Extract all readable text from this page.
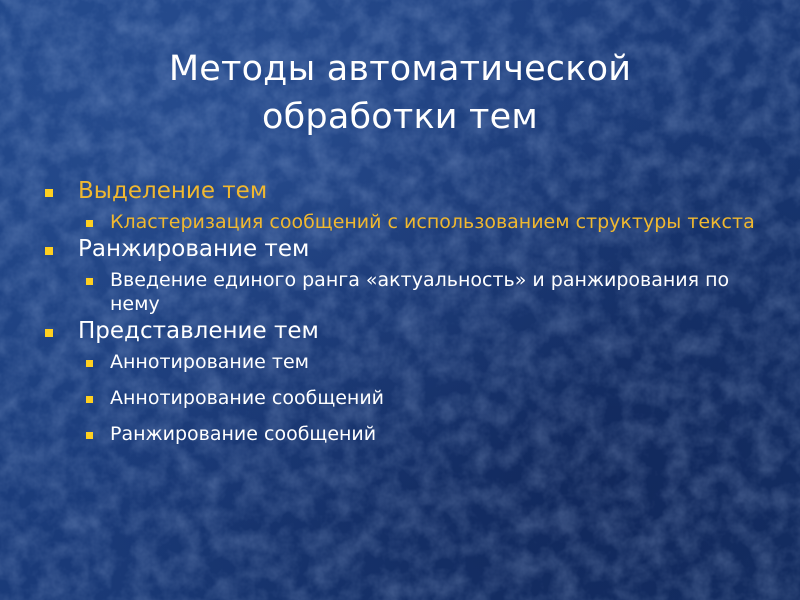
Методы автоматической
обработки тем
Выделение тем
Кластеризация сообщений с использованием структуры текста
Ранжирование тем
Введение единого ранга «актуальность» и ранжирования по нему
Представление тем
Аннотирование тем
Аннотирование сообщений
Ранжирование сообщений
